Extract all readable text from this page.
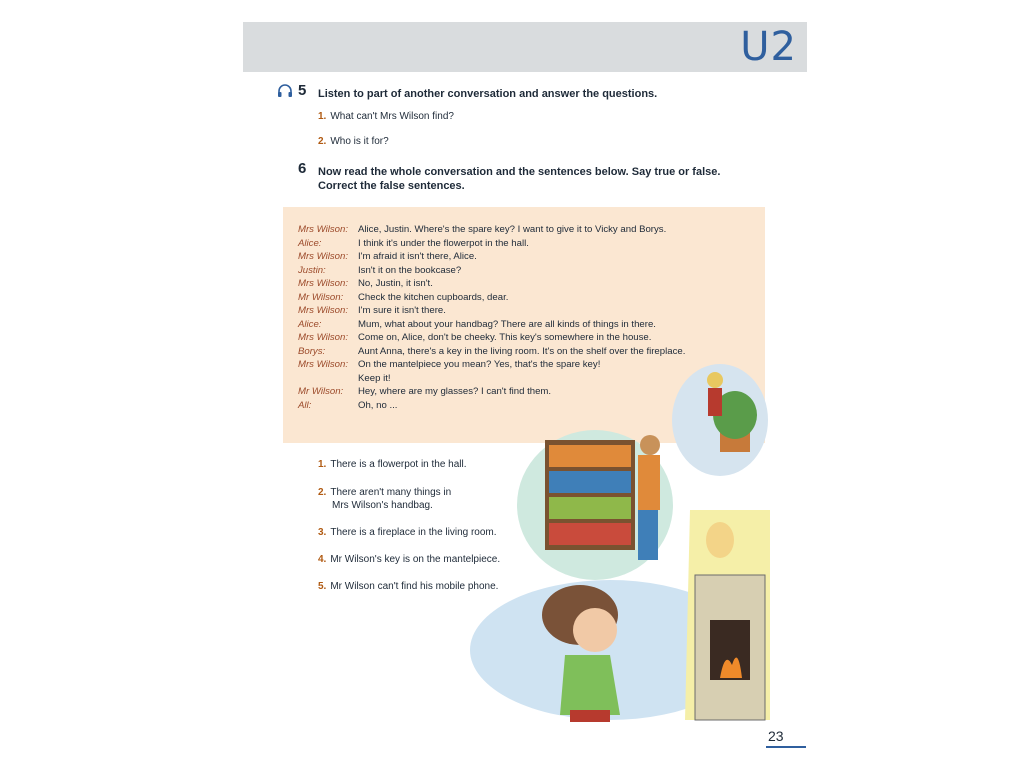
U2
5 Listen to part of another conversation and answer the questions.
1. What can't Mrs Wilson find?
2. Who is it for?
6 Now read the whole conversation and the sentences below. Say true or false.
Correct the false sentences.
Mrs Wilson:	Alice, Justin. Where's the spare key? I want to give it to Vicky and Borys.
Alice:	I think it's under the flowerpot in the hall.
Mrs Wilson:	I'm afraid it isn't there, Alice.
Justin:	Isn't it on the bookcase?
Mrs Wilson:	No, Justin, it isn't.
Mr Wilson:	Check the kitchen cupboards, dear.
Mrs Wilson:	I'm sure it isn't there.
Alice:	Mum, what about your handbag? There are all kinds of things in there.
Mrs Wilson:	Come on, Alice, don't be cheeky. This key's somewhere in the house.
Borys:	Aunt Anna, there's a key in the living room. It's on the shelf over the fireplace.
Mrs Wilson:	On the mantelpiece you mean? Yes, that's the spare key!
Keep it!
Mr Wilson:	Hey, where are my glasses? I can't find them.
All:	Oh, no ...
1. There is a flowerpot in the hall.
2. There aren't many things in
Mrs Wilson's handbag.
3. There is a fireplace in the living room.
4. Mr Wilson's key is on the mantelpiece.
5. Mr Wilson can't find his mobile phone.
23
